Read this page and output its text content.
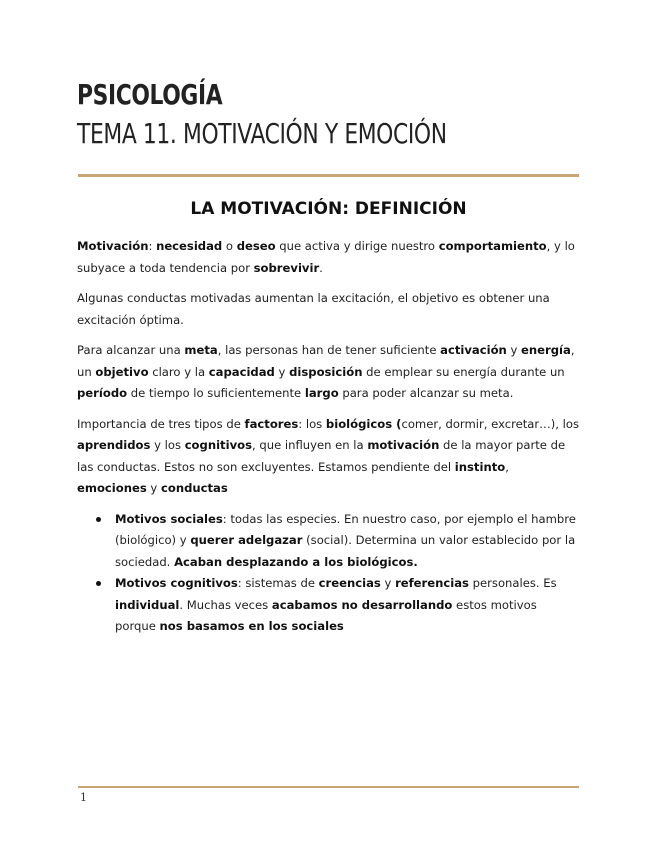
PSICOLOGÍA
TEMA 11. MOTIVACIÓN Y EMOCIÓN
LA MOTIVACIÓN: DEFINICIÓN

Motivación: necesidad o deseo que activa y dirige nuestro comportamiento, y lo subyace a toda tendencia por sobrevivir.

Algunas conductas motivadas aumentan la excitación, el objetivo es obtener una excitación óptima.

Para alcanzar una meta, las personas han de tener suficiente activación y energía, un objetivo claro y la capacidad y disposición de emplear su energía durante un período de tiempo lo suficientemente largo para poder alcanzar su meta.

Importancia de tres tipos de factores: los biológicos (comer, dormir, excretar…), los aprendidos y los cognitivos, que influyen en la motivación de la mayor parte de las conductas. Estos no son excluyentes. Estamos pendiente del instinto, emociones y conductas

Motivos sociales: todas las especies. En nuestro caso, por ejemplo el hambre (biológico) y querer adelgazar (social). Determina un valor establecido por la sociedad. Acaban desplazando a los biológicos.
Motivos cognitivos: sistemas de creencias y referencias personales. Es individual. Muchas veces acabamos no desarrollando estos motivos porque nos basamos en los sociales
1
